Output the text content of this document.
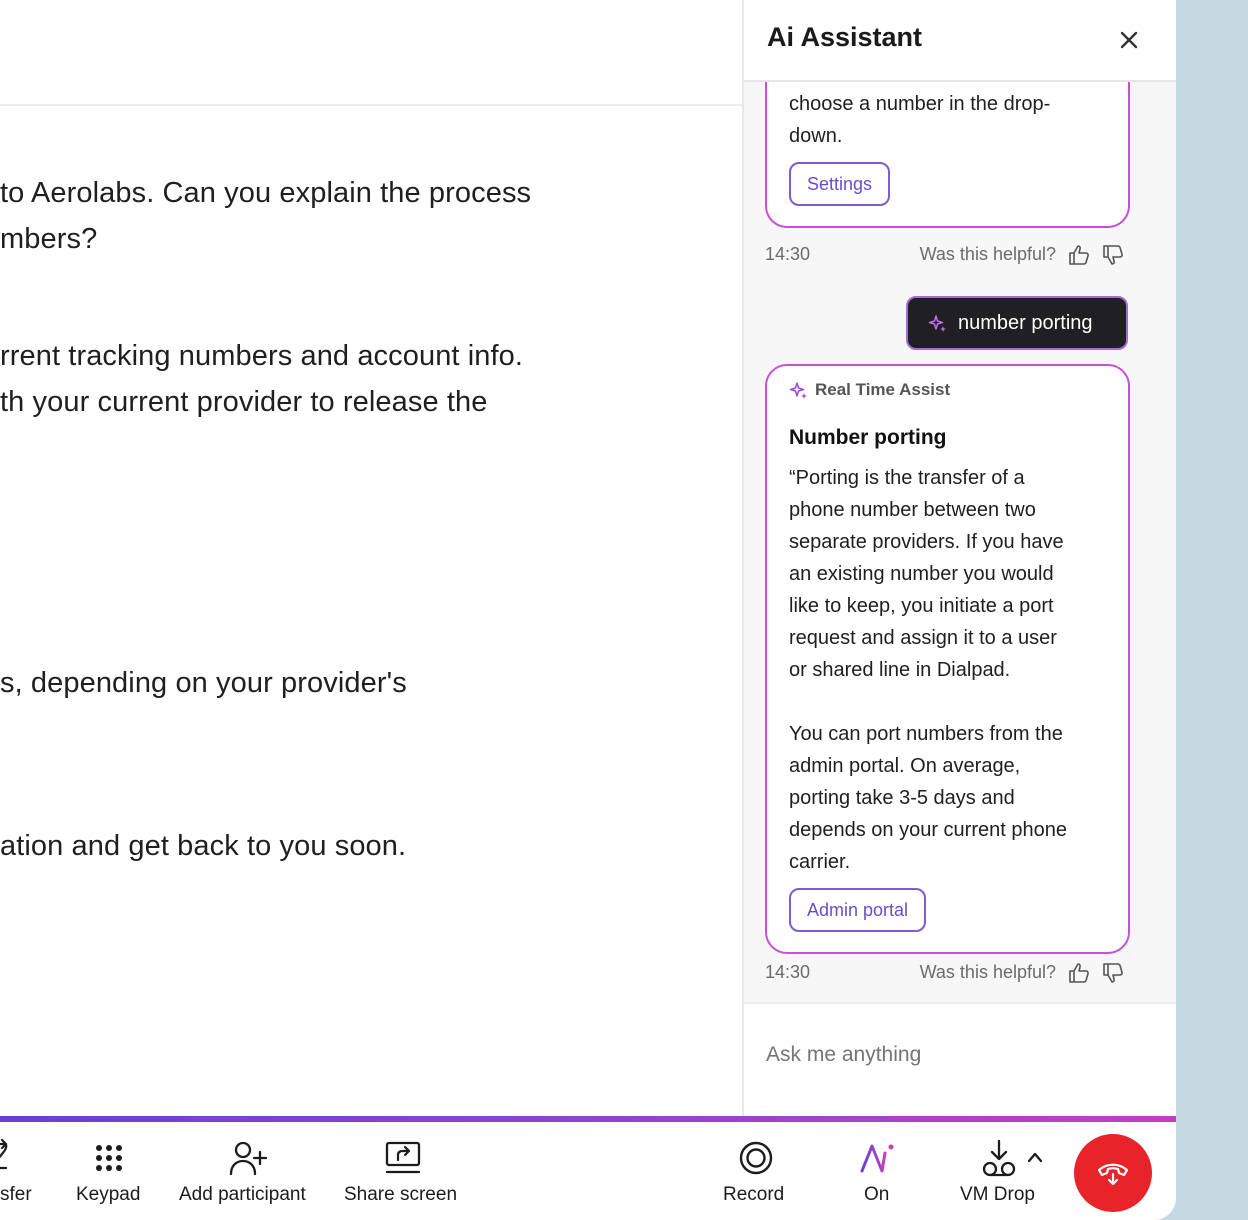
to Aerolabs. Can you explain the process
mbers?
rrent tracking numbers and account info.
th your current provider to release the
s, depending on your provider's
ation and get back to you soon.
Ai Assistant
choose a number in the drop-
down.
Settings
14:30	Was this helpful?
number porting
Real Time Assist
Number porting
“Porting is the transfer of a
phone number between two
separate providers. If you have
an existing number you would
like to keep, you initiate a port
request and assign it to a user
or shared line in Dialpad.
You can port numbers from the
admin portal. On average,
porting take 3-5 days and
depends on your current phone
carrier.
Admin portal
14:30	Was this helpful?
Ask me anything
sfer Keypad Add participant Share screen	Record	On	VM Drop
